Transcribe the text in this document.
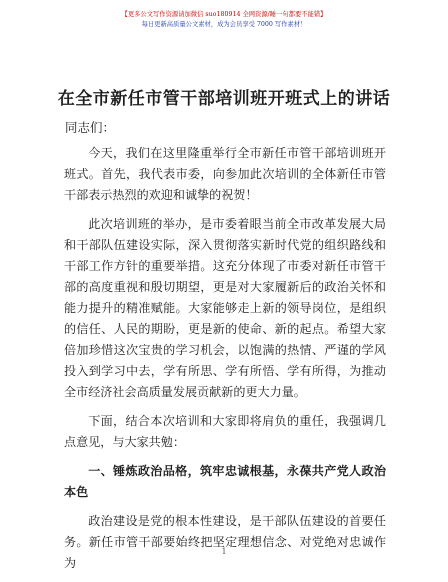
【更多公文写作资源请加微信 suo180914 全网资源/睡一句都要不能错】
每日更新高质量公文素材，成为会员享受 7000 写作素材！
在全市新任市管干部培训班开班式上的讲话
同志们：

今天，我们在这里隆重举行全市新任市管干部培训班开班式。首先，我代表市委，向参加此次培训的全体新任市管干部表示热烈的欢迎和诚挚的祝贺！

此次培训班的举办，是市委着眼当前全市改革发展大局和干部队伍建设实际，深入贯彻落实新时代党的组织路线和干部工作方针的重要举措。这充分体现了市委对新任市管干部的高度重视和殷切期望，更是对大家履新后的政治关怀和能力提升的精准赋能。大家能够走上新的领导岗位，是组织的信任、人民的期盼，更是新的使命、新的起点。希望大家倍加珍惜这次宝贵的学习机会，以饱满的热情、严谨的学风投入到学习中去，学有所思、学有所悟、学有所得，为推动全市经济社会高质量发展贡献新的更大力量。

下面，结合本次培训和大家即将肩负的重任，我强调几点意见，与大家共勉：

一、锤炼政治品格，筑牢忠诚根基，永葆共产党人政治本色

政治建设是党的根本性建设，是干部队伍建设的首要任务。新任市管干部要始终把坚定理想信念、对党绝对忠诚作为

1
